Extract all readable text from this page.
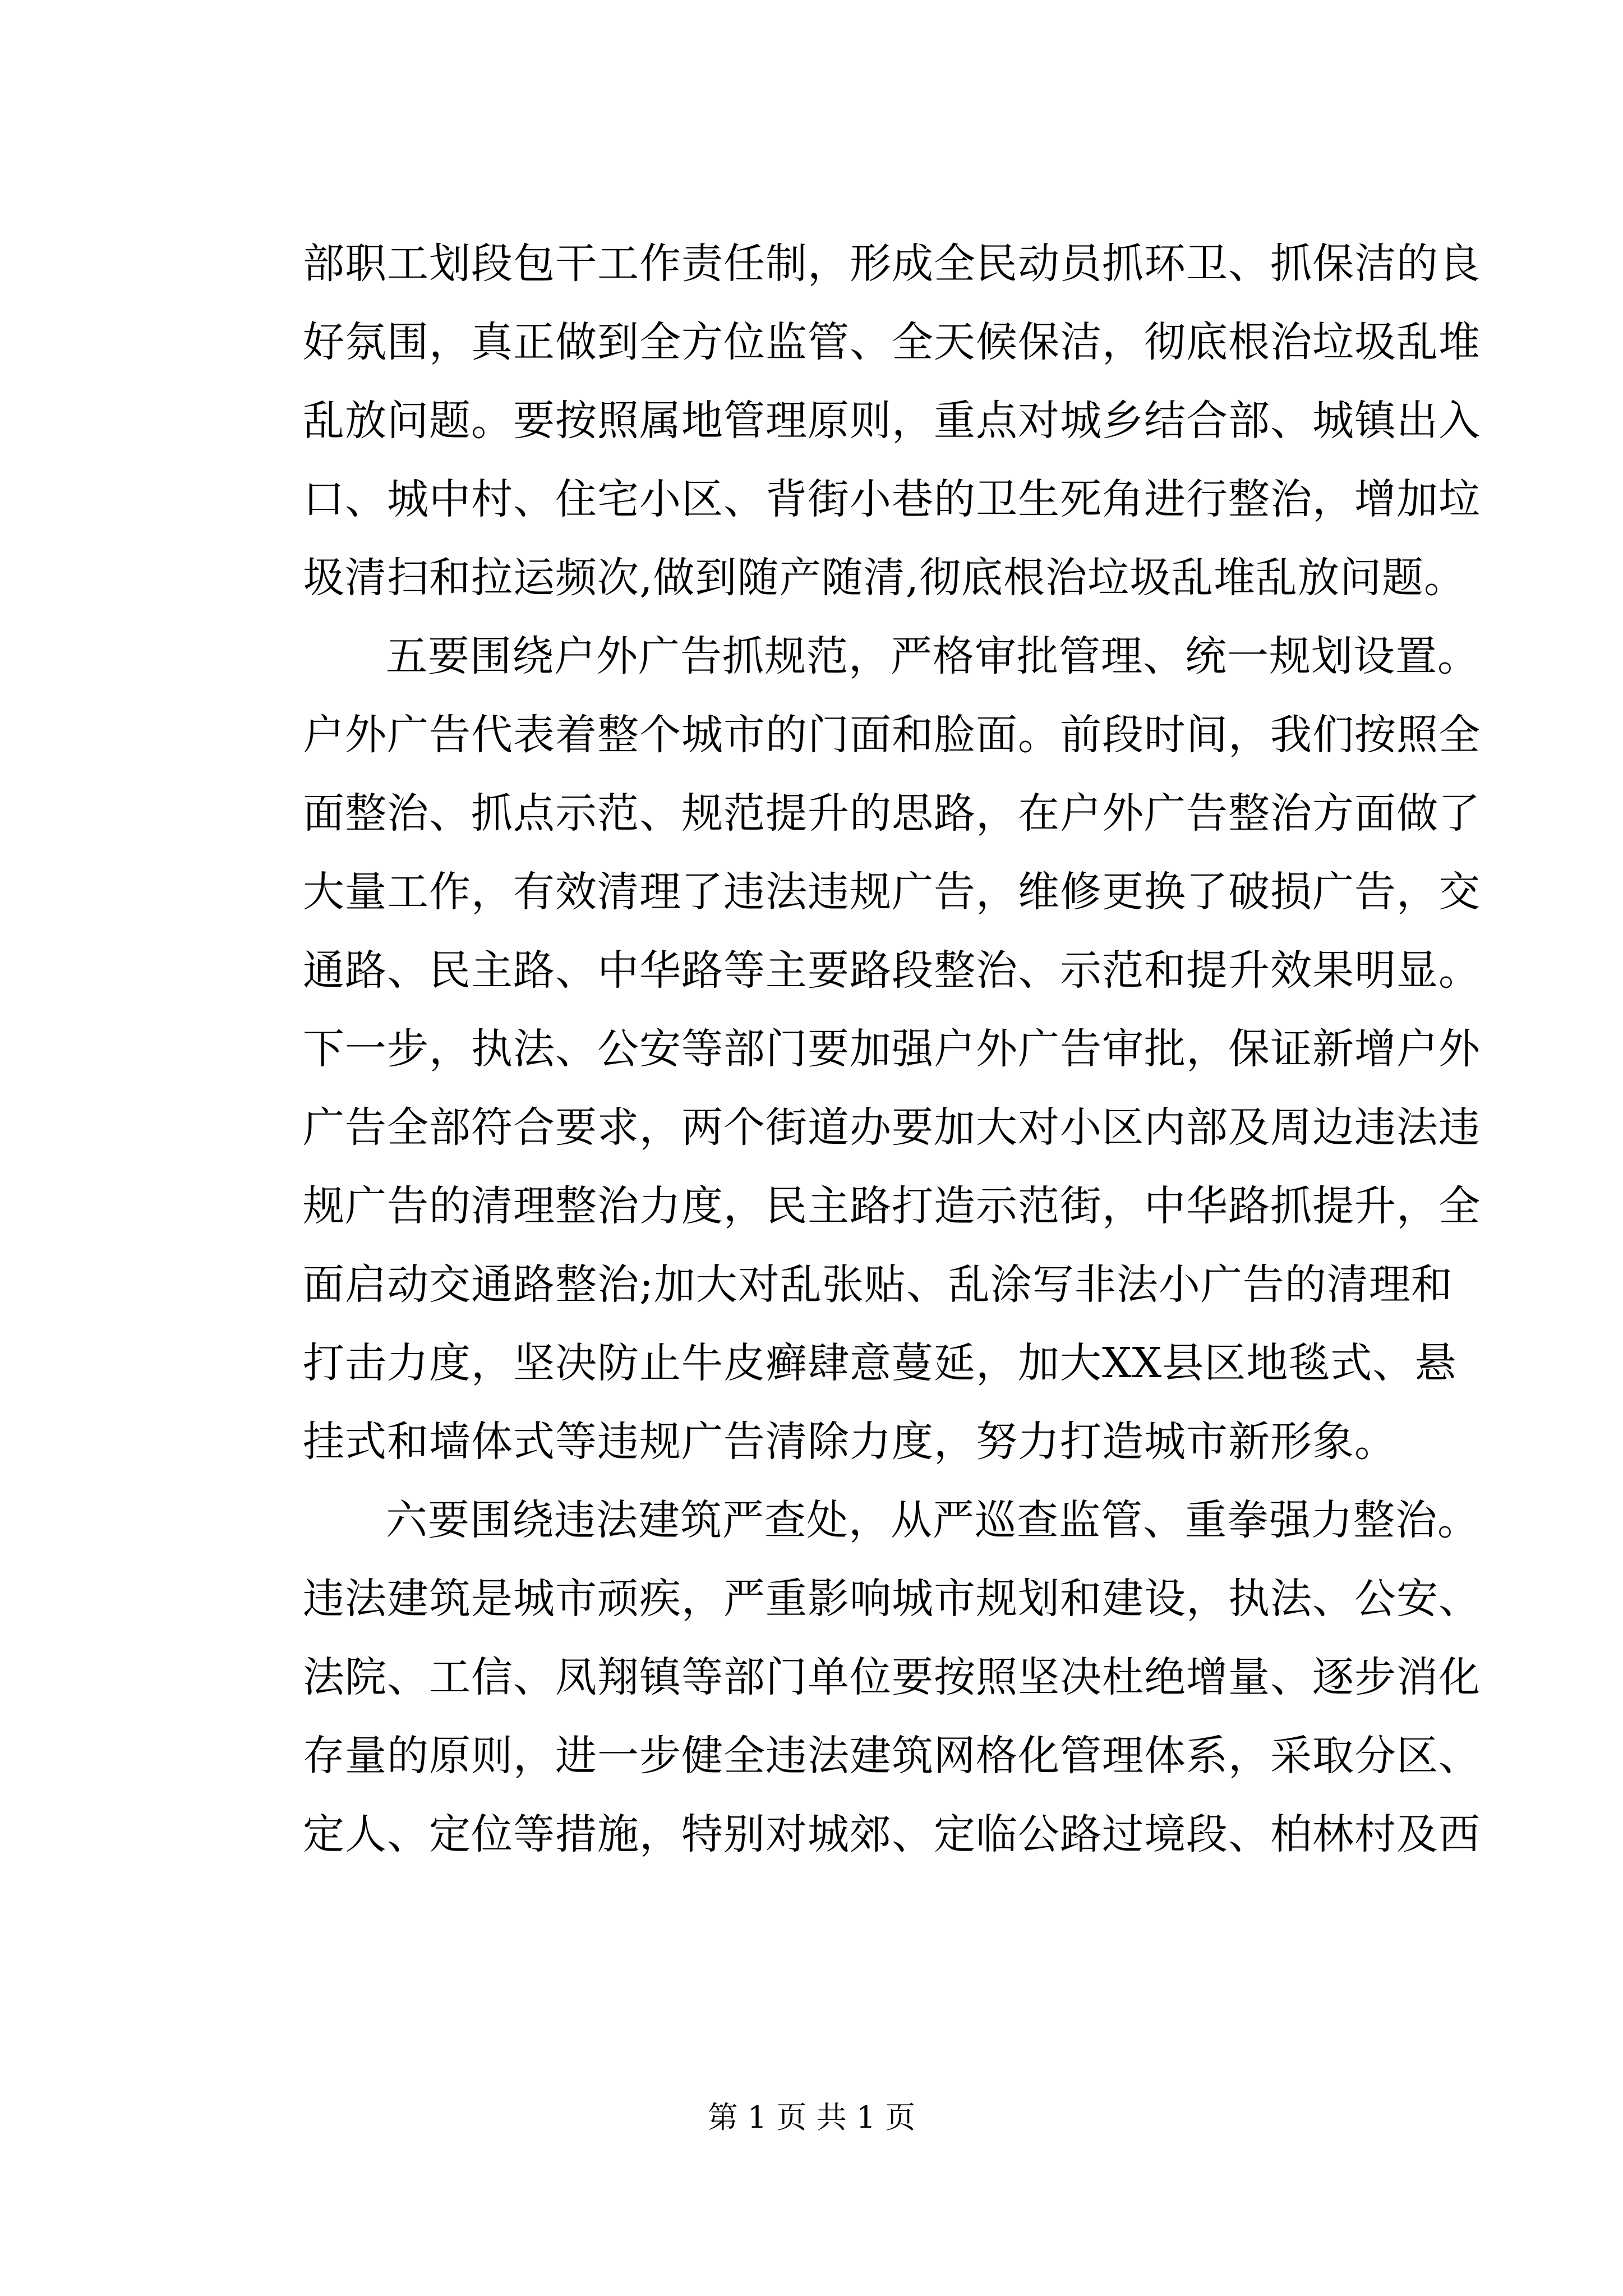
部职工划段包干工作责任制，形成全民动员抓环卫、抓保洁的良
好氛围，真正做到全方位监管、全天候保洁，彻底根治垃圾乱堆
乱放问题。要按照属地管理原则，重点对城乡结合部、城镇出入
口、城中村、住宅小区、背街小巷的卫生死角进行整治，增加垃
圾清扫和拉运频次,做到随产随清,彻底根治垃圾乱堆乱放问题。
五要围绕户外广告抓规范，严格审批管理、统一规划设置。
户外广告代表着整个城市的门面和脸面。前段时间，我们按照全
面整治、抓点示范、规范提升的思路，在户外广告整治方面做了
大量工作，有效清理了违法违规广告，维修更换了破损广告，交
通路、民主路、中华路等主要路段整治、示范和提升效果明显。
下一步，执法、公安等部门要加强户外广告审批，保证新增户外
广告全部符合要求，两个街道办要加大对小区内部及周边违法违
规广告的清理整治力度，民主路打造示范街，中华路抓提升，全
面启动交通路整治;加大对乱张贴、乱涂写非法小广告的清理和
打击力度，坚决防止牛皮癣肆意蔓延，加大XX县区地毯式、悬
挂式和墙体式等违规广告清除力度，努力打造城市新形象。
六要围绕违法建筑严查处，从严巡查监管、重拳强力整治。
违法建筑是城市顽疾，严重影响城市规划和建设，执法、公安、
法院、工信、凤翔镇等部门单位要按照坚决杜绝增量、逐步消化
存量的原则，进一步健全违法建筑网格化管理体系，采取分区、
定人、定位等措施，特别对城郊、定临公路过境段、柏林村及西
第 1 页 共 1 页
